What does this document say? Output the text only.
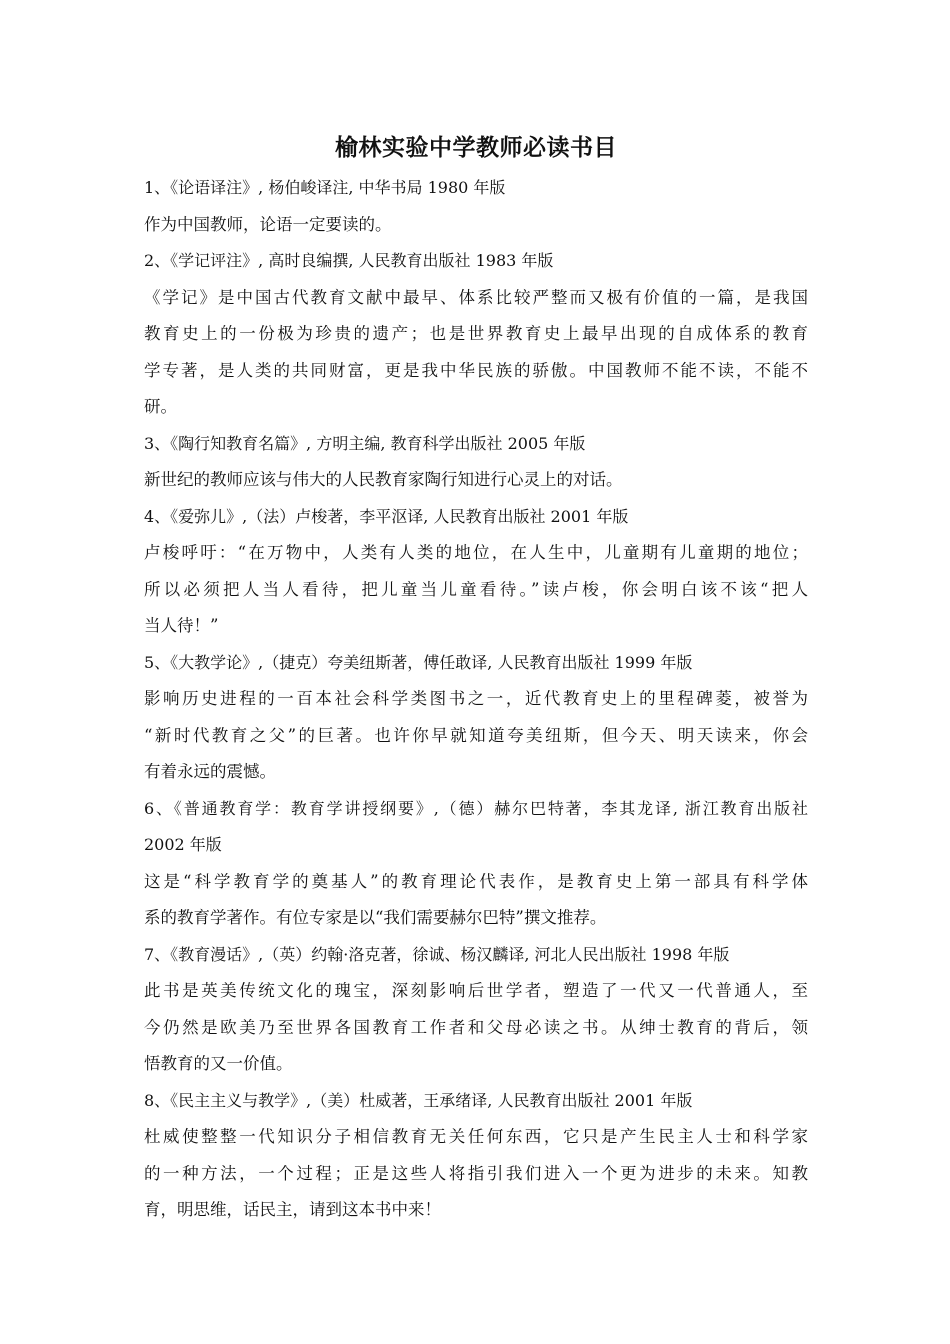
榆林实验中学教师必读书目
1、《论语译注》, 杨伯峻译注, 中华书局 1980 年版
作为中国教师，论语一定要读的。
2、《学记评注》, 高时良编撰, 人民教育出版社 1983 年版
《学记》是中国古代教育文献中最早、体系比较严整而又极有价值的一篇，是我国
教育史上的一份极为珍贵的遗产；也是世界教育史上最早出现的自成体系的教育
学专著，是人类的共同财富，更是我中华民族的骄傲。中国教师不能不读，不能不
研。
3、《陶行知教育名篇》, 方明主编, 教育科学出版社 2005 年版
新世纪的教师应该与伟大的人民教育家陶行知进行心灵上的对话。
4、《爱弥儿》,（法）卢梭著，李平沤译, 人民教育出版社 2001 年版
卢梭呼吁：“在万物中，人类有人类的地位，在人生中，儿童期有儿童期的地位；
所以必须把人当人看待，把儿童当儿童看待。”读卢梭，你会明白该不该“把人
当人待！”
5、《大教学论》,（捷克）夸美纽斯著，傅任敢译, 人民教育出版社 1999 年版
影响历史进程的一百本社会科学类图书之一，近代教育史上的里程碑菱，被誉为
“新时代教育之父”的巨著。也许你早就知道夸美纽斯，但今天、明天读来，你会
有着永远的震憾。
6、《普通教育学：教育学讲授纲要》,（德）赫尔巴特著，李其龙译, 浙江教育出版社
2002 年版
这是“科学教育学的奠基人”的教育理论代表作，是教育史上第一部具有科学体
系的教育学著作。有位专家是以“我们需要赫尔巴特”撰文推荐。
7、《教育漫话》,（英）约翰·洛克著，徐诚、杨汉麟译, 河北人民出版社 1998 年版
此书是英美传统文化的瑰宝，深刻影响后世学者，塑造了一代又一代普通人，至
今仍然是欧美乃至世界各国教育工作者和父母必读之书。从绅士教育的背后，领
悟教育的又一价值。
8、《民主主义与教学》,（美）杜威著，王承绪译, 人民教育出版社 2001 年版
杜威使整整一代知识分子相信教育无关任何东西，它只是产生民主人士和科学家
的一种方法，一个过程；正是这些人将指引我们进入一个更为进步的未来。知教
育，明思维，话民主，请到这本书中来！
